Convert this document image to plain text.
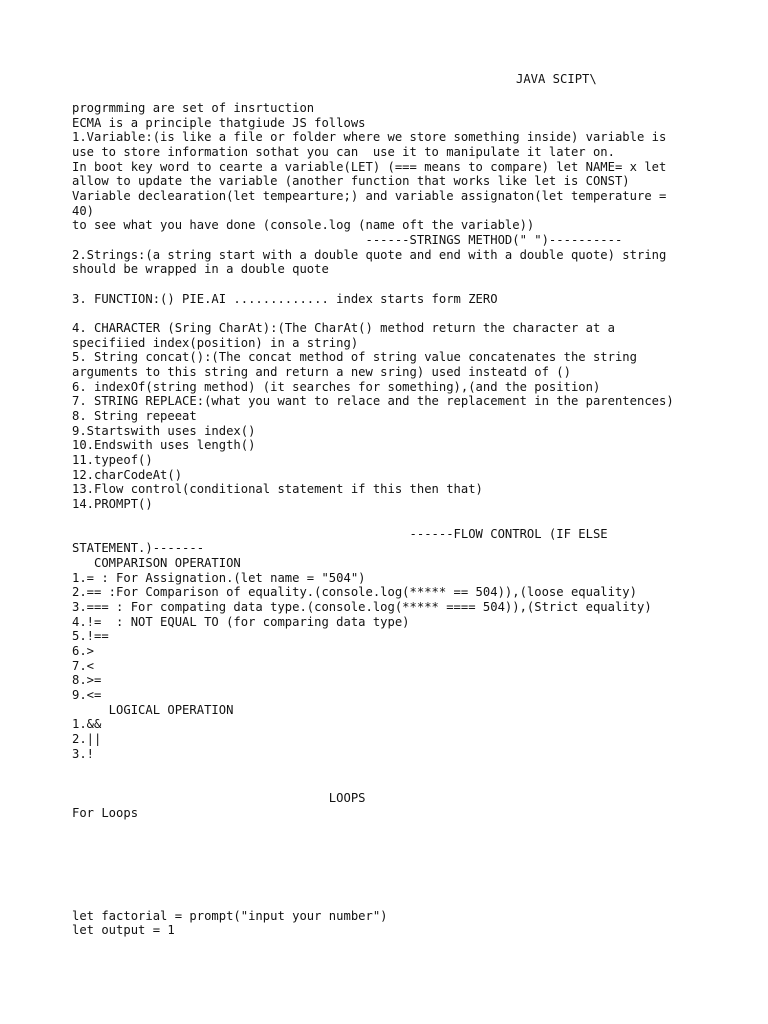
JAVA SCIPT\
progrmming are set of insrtuction
ECMA is a principle thatgiude JS follows
1.Variable:(is like a file or folder where we store something inside) variable is
use to store information sothat you can  use it to manipulate it later on.
In boot key word to cearte a variable(LET) (=== means to compare) let NAME= x let
allow to update the variable (another function that works like let is CONST)
Variable declearation(let tempearture;) and variable assignaton(let temperature =
40)
to see what you have done (console.log (name oft the variable))
------STRINGS METHOD(" ")----------
2.Strings:(a string start with a double quote and end with a double quote) string
should be wrapped in a double quote
3. FUNCTION:() PIE.AI ............. index starts form ZERO
4. CHARACTER (Sring CharAt):(The CharAt() method return the character at a
specifiied index(position) in a string)
5. String concat():(The concat method of string value concatenates the string
arguments to this string and return a new sring) used insteatd of ()
6. indexOf(string method) (it searches for something),(and the position)
7. STRING REPLACE:(what you want to relace and the replacement in the parentences)
8. String repeeat
9.Startswith uses index()
10.Endswith uses length()
11.typeof()
12.charCodeAt()
13.Flow control(conditional statement if this then that)
14.PROMPT()
------FLOW CONTROL (IF ELSE
STATEMENT.)-------
COMPARISON OPERATION
1.= : For Assignation.(let name = "504")
2.== :For Comparison of equality.(console.log(***** == 504)),(loose equality)
3.=== : For compating data type.(console.log(***** ==== 504)),(Strict equality)
4.!=  : NOT EQUAL TO (for comparing data type)
5.!==
6.>
7.<
8.>=
9.<=
LOGICAL OPERATION
1.&&
2.||
3.!
LOOPS
For Loops
let factorial = prompt("input your number")
let output = 1
